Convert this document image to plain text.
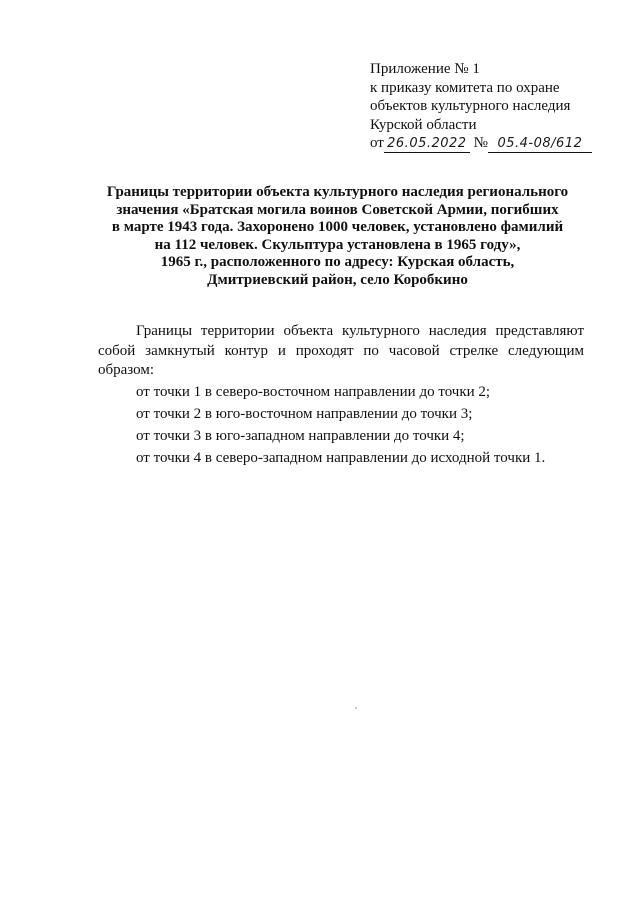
Приложение № 1
к приказу комитета по охране
объектов культурного наследия
Курской области
от 26.05.2022 № 05.4-08/612
Границы территории объекта культурного наследия регионального
значения «Братская могила воинов Советской Армии, погибших
в марте 1943 года. Захоронено 1000 человек, установлено фамилий
на 112 человек. Скульптура установлена в 1965 году»,
1965 г., расположенного по адресу: Курская область,
Дмитриевский район, село Коробкино

Границы территории объекта культурного наследия представляют собой замкнутый контур и проходят по часовой стрелке следующим образом:

от точки 1 в северо-восточном направлении до точки 2;
от точки 2 в юго-восточном направлении до точки 3;
от точки 3 в юго-западном направлении до точки 4;
от точки 4 в северо-западном направлении до исходной точки 1.
